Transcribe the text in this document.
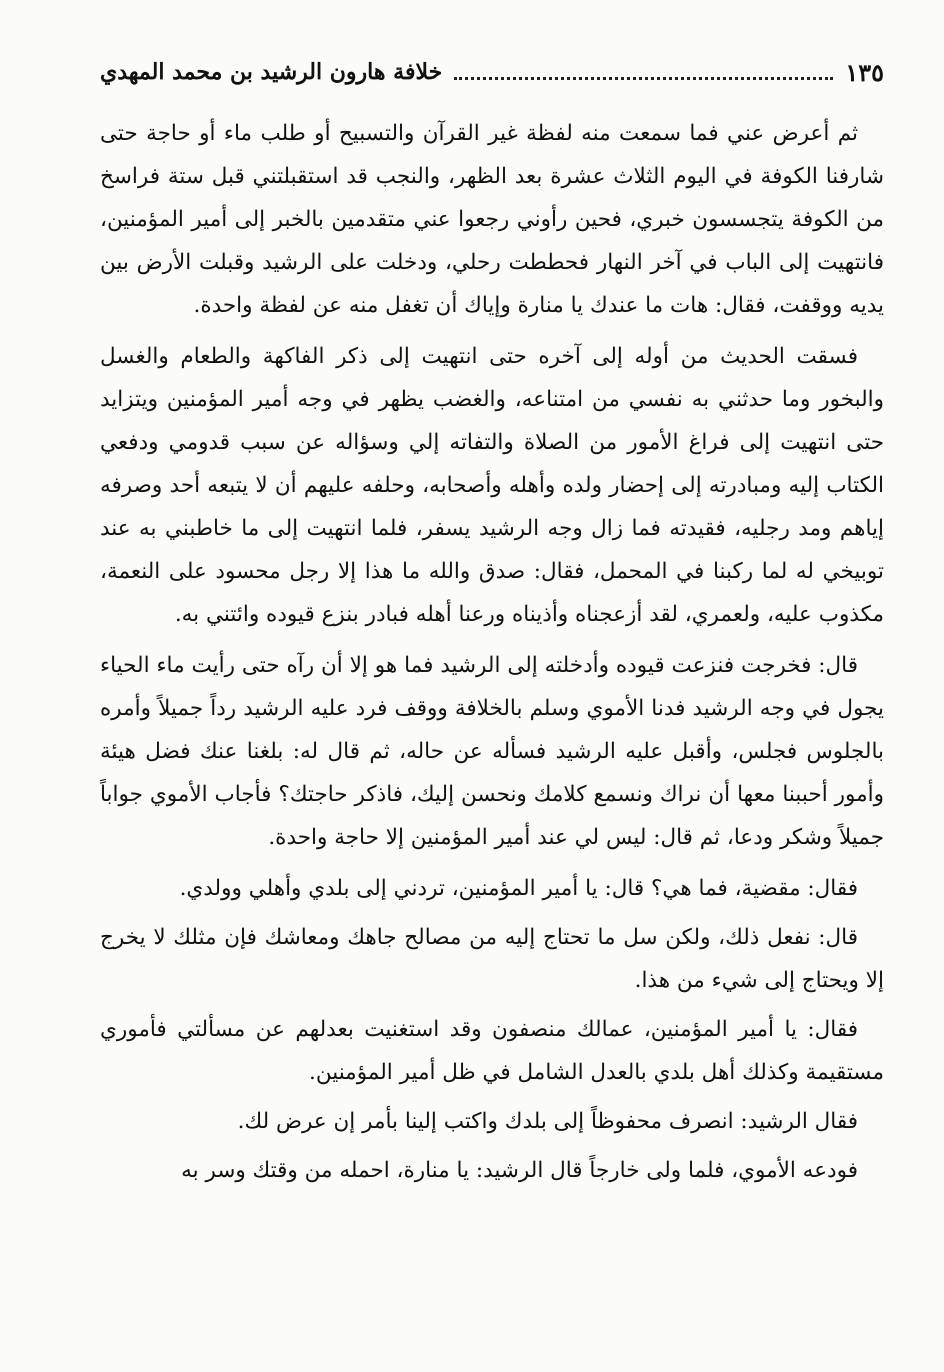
خلافة هارون الرشيد بن محمد المهدي	١٣٥

ثم أعرض عني فما سمعت منه لفظة غير القرآن والتسبيح أو طلب ماء أو حاجة حتى شارفنا الكوفة في اليوم الثلاث عشرة بعد الظهر، والنجب قد استقبلتني قبل ستة فراسخ من الكوفة يتجسسون خبري، فحين رأوني رجعوا عني متقدمين بالخبر إلى أمير المؤمنين، فانتهيت إلى الباب في آخر النهار فحططت رحلي، ودخلت على الرشيد وقبلت الأرض بين يديه ووقفت، فقال: هات ما عندك يا منارة وإياك أن تغفل منه عن لفظة واحدة.

فسقت الحديث من أوله إلى آخره حتى انتهيت إلى ذكر الفاكهة والطعام والغسل والبخور وما حدثني به نفسي من امتناعه، والغضب يظهر في وجه أمير المؤمنين ويتزايد حتى انتهيت إلى فراغ الأمور من الصلاة والتفاته إلي وسؤاله عن سبب قدومي ودفعي الكتاب إليه ومبادرته إلى إحضار ولده وأهله وأصحابه، وحلفه عليهم أن لا يتبعه أحد وصرفه إياهم ومد رجليه، فقيدته فما زال وجه الرشيد يسفر، فلما انتهيت إلى ما خاطبني به عند توبيخي له لما ركبنا في المحمل، فقال: صدق والله ما هذا إلا رجل محسود على النعمة، مكذوب عليه، ولعمري، لقد أزعجناه وأذيناه ورعنا أهله فبادر بنزع قيوده وائتني به.

قال: فخرجت فنزعت قيوده وأدخلته إلى الرشيد فما هو إلا أن رآه حتى رأيت ماء الحياء يجول في وجه الرشيد فدنا الأموي وسلم بالخلافة ووقف فرد عليه الرشيد رداً جميلاً وأمره بالجلوس فجلس، وأقبل عليه الرشيد فسأله عن حاله، ثم قال له: بلغنا عنك فضل هيئة وأمور أحببنا معها أن نراك ونسمع كلامك ونحسن إليك، فاذكر حاجتك؟ فأجاب الأموي جواباً جميلاً وشكر ودعا، ثم قال: ليس لي عند أمير المؤمنين إلا حاجة واحدة.

فقال: مقضية، فما هي؟ قال: يا أمير المؤمنين، تردني إلى بلدي وأهلي وولدي.

قال: نفعل ذلك، ولكن سل ما تحتاج إليه من مصالح جاهك ومعاشك فإن مثلك لا يخرج إلا ويحتاج إلى شيء من هذا.

فقال: يا أمير المؤمنين، عمالك منصفون وقد استغنيت بعدلهم عن مسألتي فأموري مستقيمة وكذلك أهل بلدي بالعدل الشامل في ظل أمير المؤمنين.

فقال الرشيد: انصرف محفوظاً إلى بلدك واكتب إلينا بأمر إن عرض لك.

فودعه الأموي، فلما ولى خارجاً قال الرشيد: يا منارة، احمله من وقتك وسر به
